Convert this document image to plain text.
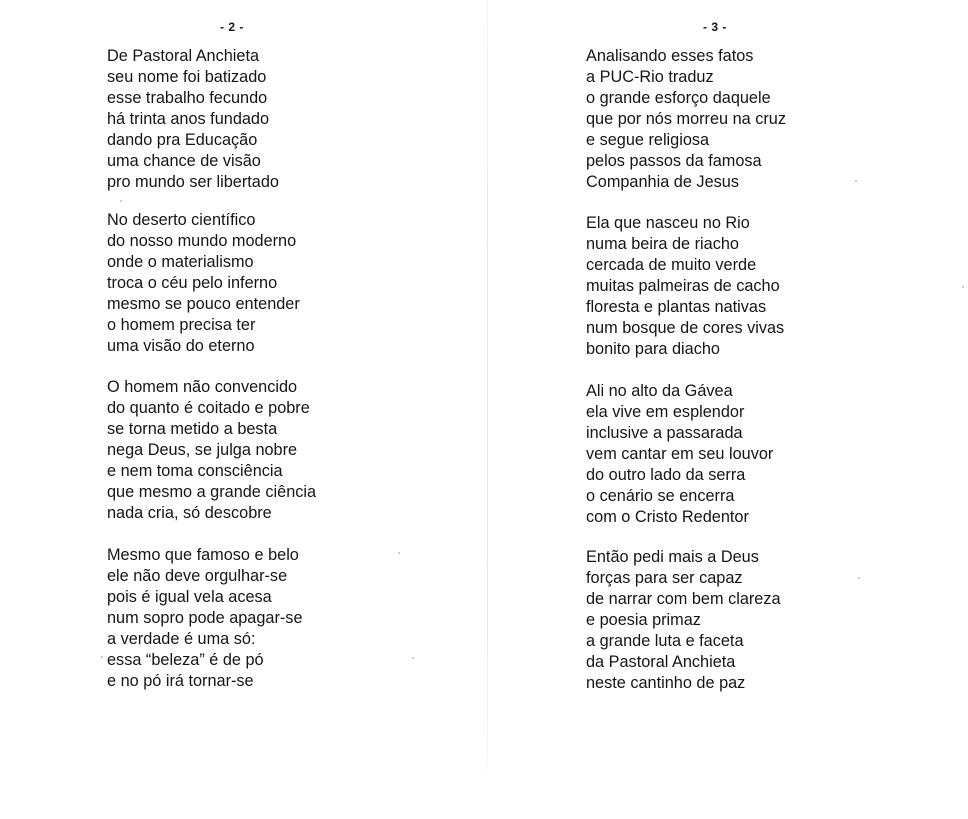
- 2 -
De Pastoral Anchieta
seu nome foi batizado
esse trabalho fecundo
há trinta anos fundado
dando pra Educação
uma chance de visão
pro mundo ser libertado
No deserto científico
do nosso mundo moderno
onde o materialismo
troca o céu pelo inferno
mesmo se pouco entender
o homem precisa ter
uma visão do eterno
O homem não convencido
do quanto é coitado e pobre
se torna metido a besta
nega Deus, se julga nobre
e nem toma consciência
que mesmo a grande ciência
nada cria, só descobre
Mesmo que famoso e belo
ele não deve orgulhar-se
pois é igual vela acesa
num sopro pode apagar-se
a verdade é uma só:
essa “beleza” é de pó
e no pó irá tornar-se
- 3 -
Analisando esses fatos
a PUC-Rio traduz
o grande esforço daquele
que por nós morreu na cruz
e segue religiosa
pelos passos da famosa
Companhia de Jesus
Ela que nasceu no Rio
numa beira de riacho
cercada de muito verde
muitas palmeiras de cacho
floresta e plantas nativas
num bosque de cores vivas
bonito para diacho
Ali no alto da Gávea
ela vive em esplendor
inclusive a passarada
vem cantar em seu louvor
do outro lado da serra
o cenário se encerra
com o Cristo Redentor
Então pedi mais a Deus
forças para ser capaz
de narrar com bem clareza
e poesia primaz
a grande luta e faceta
da Pastoral Anchieta
neste cantinho de paz
